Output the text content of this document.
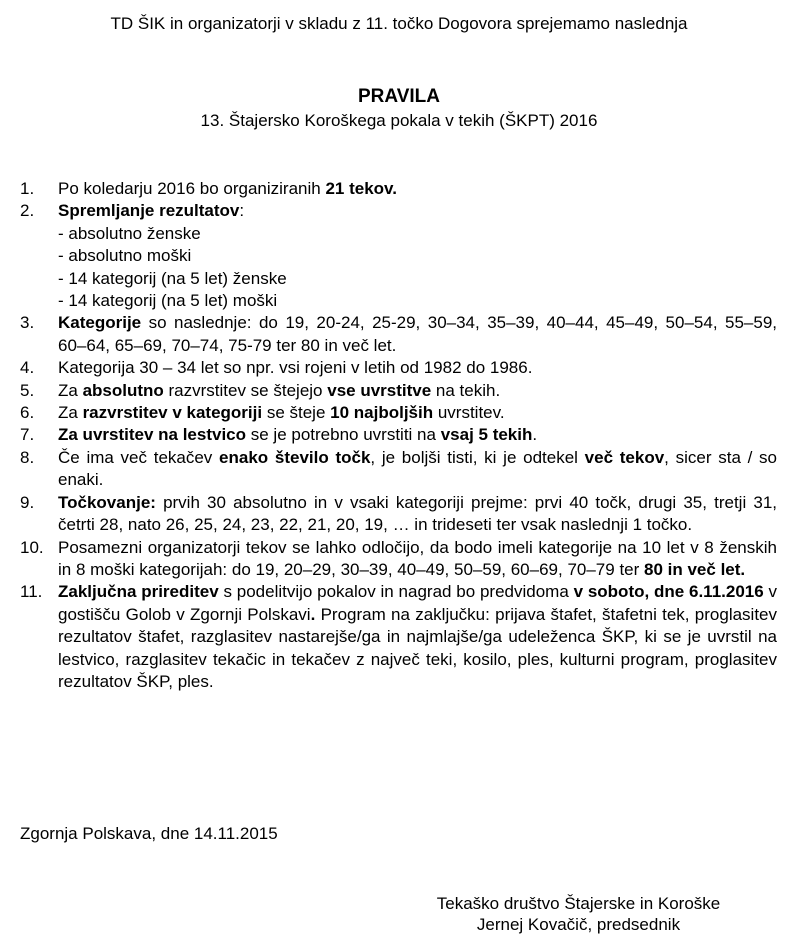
TD ŠIK in organizatorji v skladu z 11. točko Dogovora sprejemamo naslednja
PRAVILA
13. Štajersko Koroškega pokala v tekih (ŠKPT) 2016
1.	Po koledarju 2016 bo organiziranih 21 tekov.
2.	Spremljanje rezultatov:
- absolutno ženske
- absolutno moški
- 14 kategorij (na 5 let) ženske
- 14 kategorij (na 5 let) moški
3.	Kategorije so naslednje: do 19, 20-24, 25-29, 30–34, 35–39, 40–44, 45–49, 50–54, 55–59, 60–64, 65–69, 70–74, 75-79 ter 80 in več let.
4.	Kategorija 30 – 34 let so npr. vsi rojeni v letih od 1982 do 1986.
5.	Za absolutno razvrstitev se štejejo vse uvrstitve na tekih.
6.	Za razvrstitev v kategoriji se šteje 10 najboljših uvrstitev.
7.	Za uvrstitev na lestvico se je potrebno uvrstiti na vsaj 5 tekih.
8.	Če ima več tekačev enako število točk, je boljši tisti, ki je odtekel več tekov, sicer sta / so enaki.
9.	Točkovanje: prvih 30 absolutno in v vsaki kategoriji prejme: prvi 40 točk, drugi 35, tretji 31, četrti 28, nato 26, 25, 24, 23, 22, 21, 20, 19, … in trideseti ter vsak naslednji 1 točko.
10. Posamezni organizatorji tekov se lahko odločijo, da bodo imeli kategorije na 10 let v 8 ženskih in 8 moški kategorijah: do 19, 20–29, 30–39, 40–49, 50–59, 60–69, 70–79 ter 80 in več let.
11. Zaključna prireditev s podelitvijo pokalov in nagrad bo predvidoma v soboto, dne 6.11.2016 v gostišču Golob v Zgornji Polskavi. Program na zaključku: prijava štafet, štafetni tek, proglasitev rezultatov štafet, razglasitev nastarejše/ga in najmlajše/ga udeleženca ŠKP, ki se je uvrstil na lestvico, razglasitev tekačic in tekačev z največ teki, kosilo, ples, kulturni program, proglasitev rezultatov ŠKP, ples.
Zgornja Polskava, dne 14.11.2015
Tekaško društvo Štajerske in Koroške
Jernej Kovačič, predsednik
